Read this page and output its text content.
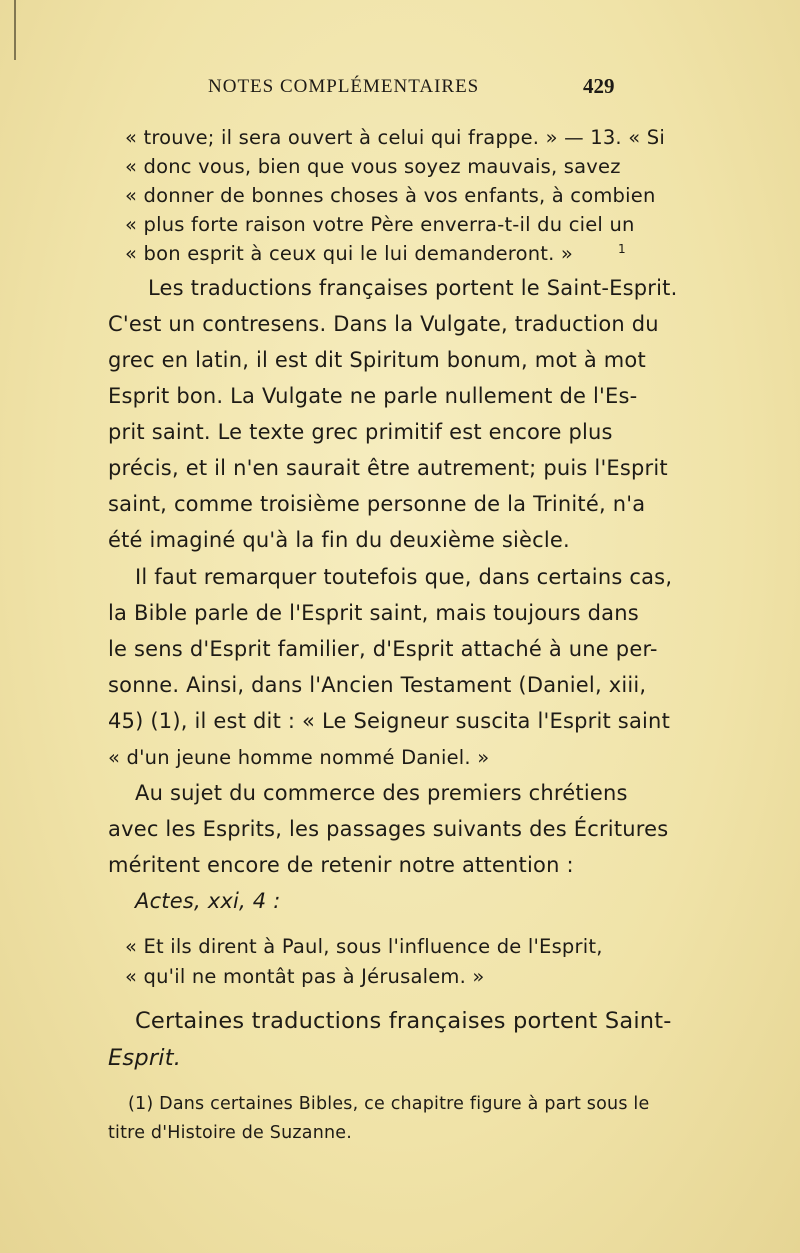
NOTES COMPLÉMENTAIRES	429
« trouve; il sera ouvert à celui qui frappe. » — 13. « Si
« donc vous, bien que vous soyez mauvais, savez
« donner de bonnes choses à vos enfants, à combien
« plus forte raison votre Père enverra-t-il du ciel un
« bon esprit à ceux qui le lui demanderont. »	1
Les traductions françaises portent le Saint-Esprit.
C'est un contresens. Dans la Vulgate, traduction du
grec en latin, il est dit Spiritum bonum, mot à mot
Esprit bon. La Vulgate ne parle nullement de l'Es-
prit saint. Le texte grec primitif est encore plus
précis, et il n'en saurait être autrement; puis l'Esprit
saint, comme troisième personne de la Trinité, n'a
été imaginé qu'à la fin du deuxième siècle.
Il faut remarquer toutefois que, dans certains cas,
la Bible parle de l'Esprit saint, mais toujours dans
le sens d'Esprit familier, d'Esprit attaché à une per-
sonne. Ainsi, dans l'Ancien Testament (Daniel, xiii,
45) (1), il est dit : « Le Seigneur suscita l'Esprit saint
« d'un jeune homme nommé Daniel. »
Au sujet du commerce des premiers chrétiens
avec les Esprits, les passages suivants des Écritures
méritent encore de retenir notre attention :
Actes, xxi, 4 :
« Et ils dirent à Paul, sous l'influence de l'Esprit,
« qu'il ne montât pas à Jérusalem. »
Certaines traductions françaises portent Saint-
Esprit.
(1) Dans certaines Bibles, ce chapitre figure à part sous le
titre d'Histoire de Suzanne.
